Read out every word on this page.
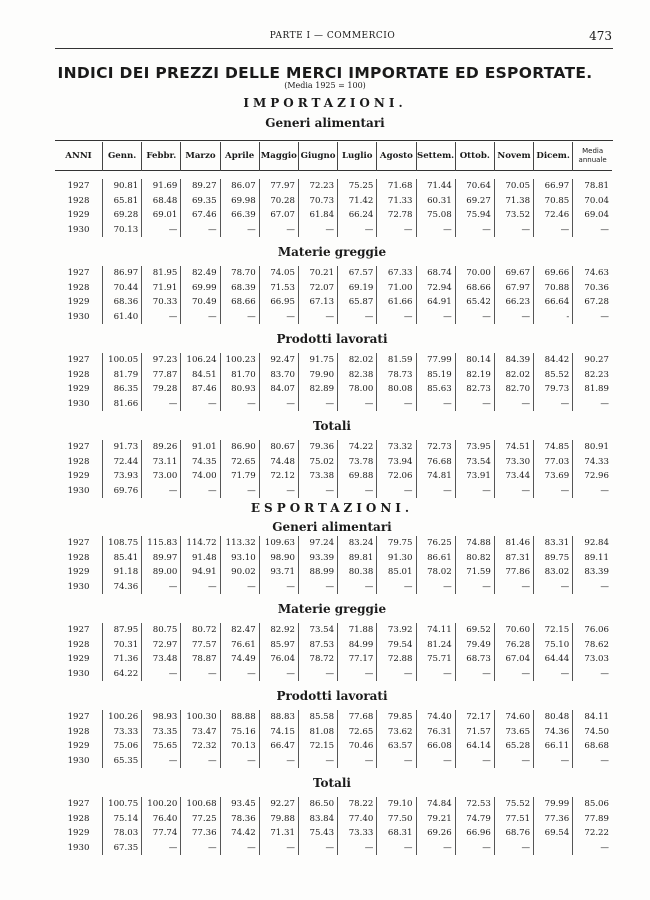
PARTE I — COMMERCIO	473
INDICI DEI PREZZI DELLE MERCI IMPORTATE ED ESPORTATE.
(Media 1925 = 100)
IMPORTAZIONI.
Generi alimentari
ANNI	Genn.	Febbr.	Marzo	Aprile	Maggio	Giugno	Luglio	Agosto	Settem.	Ottob.	Novem	Dicem.	Media annuale

1927	90.81	91.69	89.27	86.07	77.97	72.23	75.25	71.68	71.44	70.64	70.05	66.97	78.81
1928	65.81	68.48	69.35	69.98	70.28	70.73	71.42	71.33	60.31	69.27	71.38	70.85	70.04
1929	69.28	69.01	67.46	66.39	67.07	61.84	66.24	72.78	75.08	75.94	73.52	72.46	69.04
1930	70.13	—	—	—	—	—	—	—	—	—	—	—	—
Materie greggie													
1927	86.97	81.95	82.49	78.70	74.05	70.21	67.57	67.33	68.74	70.00	69.67	69.66	74.63
1928	70.44	71.91	69.99	68.39	71.53	72.07	69.19	71.00	72.94	68.66	67.97	70.88	70.36
1929	68.36	70.33	70.49	68.66	66.95	67.13	65.87	61.66	64.91	65.42	66.23	66.64	67.28
1930	61.40	—	—	—	—	—	—	—	—	—	—	-	—
Prodotti lavorati													
1927	100.05	97.23	106.24	100.23	92.47	91.75	82.02	81.59	77.99	80.14	84.39	84.42	90.27
1928	81.79	77.87	84.51	81.70	83.70	79.90	82.38	78.73	85.19	82.19	82.02	85.52	82.23
1929	86.35	79.28	87.46	80.93	84.07	82.89	78.00	80.08	85.63	82.73	82.70	79.73	81.89
1930	81.66	—	—	—	—	—	—	—	—	—	—	—	—
Totali													
1927	91.73	89.26	91.01	86.90	80.67	79.36	74.22	73.32	72.73	73.95	74.51	74.85	80.91
1928	72.44	73.11	74.35	72.65	74.48	75.02	73.78	73.94	76.68	73.54	73.30	77.03	74.33
1929	73.93	73.00	74.00	71.79	72.12	73.38	69.88	72.06	74.81	73.91	73.44	73.69	72.96
1930	69.76	—	—	—	—	—	—	—	—	—	—	—	—
ESPORTAZIONI.													
Generi alimentari													
1927	108.75	115.83	114.72	113.32	109.63	97.24	83.24	79.75	76.25	74.88	81.46	83.31	92.84
1928	85.41	89.97	91.48	93.10	98.90	93.39	89.81	91.30	86.61	80.82	87.31	89.75	89.11
1929	91.18	89.00	94.91	90.02	93.71	88.99	80.38	85.01	78.02	71.59	77.86	83.02	83.39
1930	74.36	—	—	—	—	—	—	—	—	—	—	—	—
Materie greggie													
1927	87.95	80.75	80.72	82.47	82.92	73.54	71.88	73.92	74.11	69.52	70.60	72.15	76.06
1928	70.31	72.97	77.57	76.61	85.97	87.53	84.99	79.54	81.24	79.49	76.28	75.10	78.62
1929	71.36	73.48	78.87	74.49	76.04	78.72	77.17	72.88	75.71	68.73	67.04	64.44	73.03
1930	64.22	—	—	—	—	—	—	—	—	—	—	—	—
Prodotti lavorati													
1927	100.26	98.93	100.30	88.88	88.83	85.58	77.68	79.85	74.40	72.17	74.60	80.48	84.11
1928	73.33	73.35	73.47	75.16	74.15	81.08	72.65	73.62	76.31	71.57	73.65	74.36	74.50
1929	75.06	75.65	72.32	70.13	66.47	72.15	70.46	63.57	66.08	64.14	65.28	66.11	68.68
1930	65.35	—	—	—	—	—	—	—	—	—	—	—	—
Totali													
1927	100.75	100.20	100.68	93.45	92.27	86.50	78.22	79.10	74.84	72.53	75.52	79.99	85.06
1928	75.14	76.40	77.25	78.36	79.88	83.84	77.40	77.50	79.21	74.79	77.51	77.36	77.89
1929	78.03	77.74	77.36	74.42	71.31	75.43	73.33	68.31	69.26	66.96	68.76	69.54	72.22
1930	67.35	—	—	—	—	—	—	—	—	—	—		—
